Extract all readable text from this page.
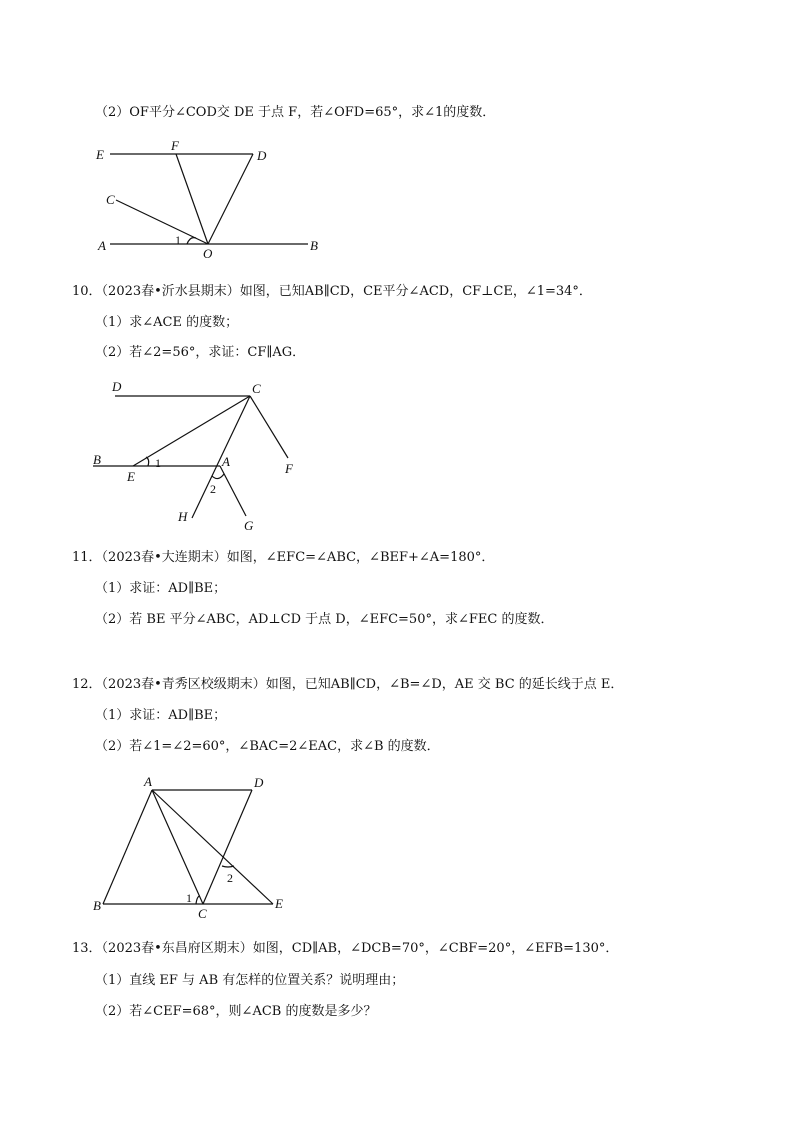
（2）OF平分∠COD交 DE 于点 F，若∠OFD=65°，求∠1的度数．
E
F
D
C
A	1
O
B
10．（2023春•沂水县期末）如图，已知AB∥CD，CE平分∠ACD，CF⊥CE，∠1=34°．
（1）求∠ACE 的度数；
（2）若∠2=56°，求证：CF∥AG．
D	C
B	1	A
E
F
2
H
G
11．（2023春•大连期末）如图，∠EFC=∠ABC，∠BEF+∠A=180°．
（1）求证：AD∥BE；
（2）若 BE 平分∠ABC，AD⊥CD 于点 D，∠EFC=50°，求∠FEC 的度数．
12．（2023春•青秀区校级期末）如图，已知AB∥CD，∠B=∠D，AE 交 BC 的延长线于点 E．
（1）求证：AD∥BE；
（2）若∠1=∠2=60°，∠BAC=2∠EAC，求∠B 的度数．
A	D
2
1
B
C
E
13．（2023春•东昌府区期末）如图，CD∥AB，∠DCB=70°，∠CBF=20°，∠EFB=130°．
（1）直线 EF 与 AB 有怎样的位置关系？说明理由；
（2）若∠CEF=68°，则∠ACB 的度数是多少？
